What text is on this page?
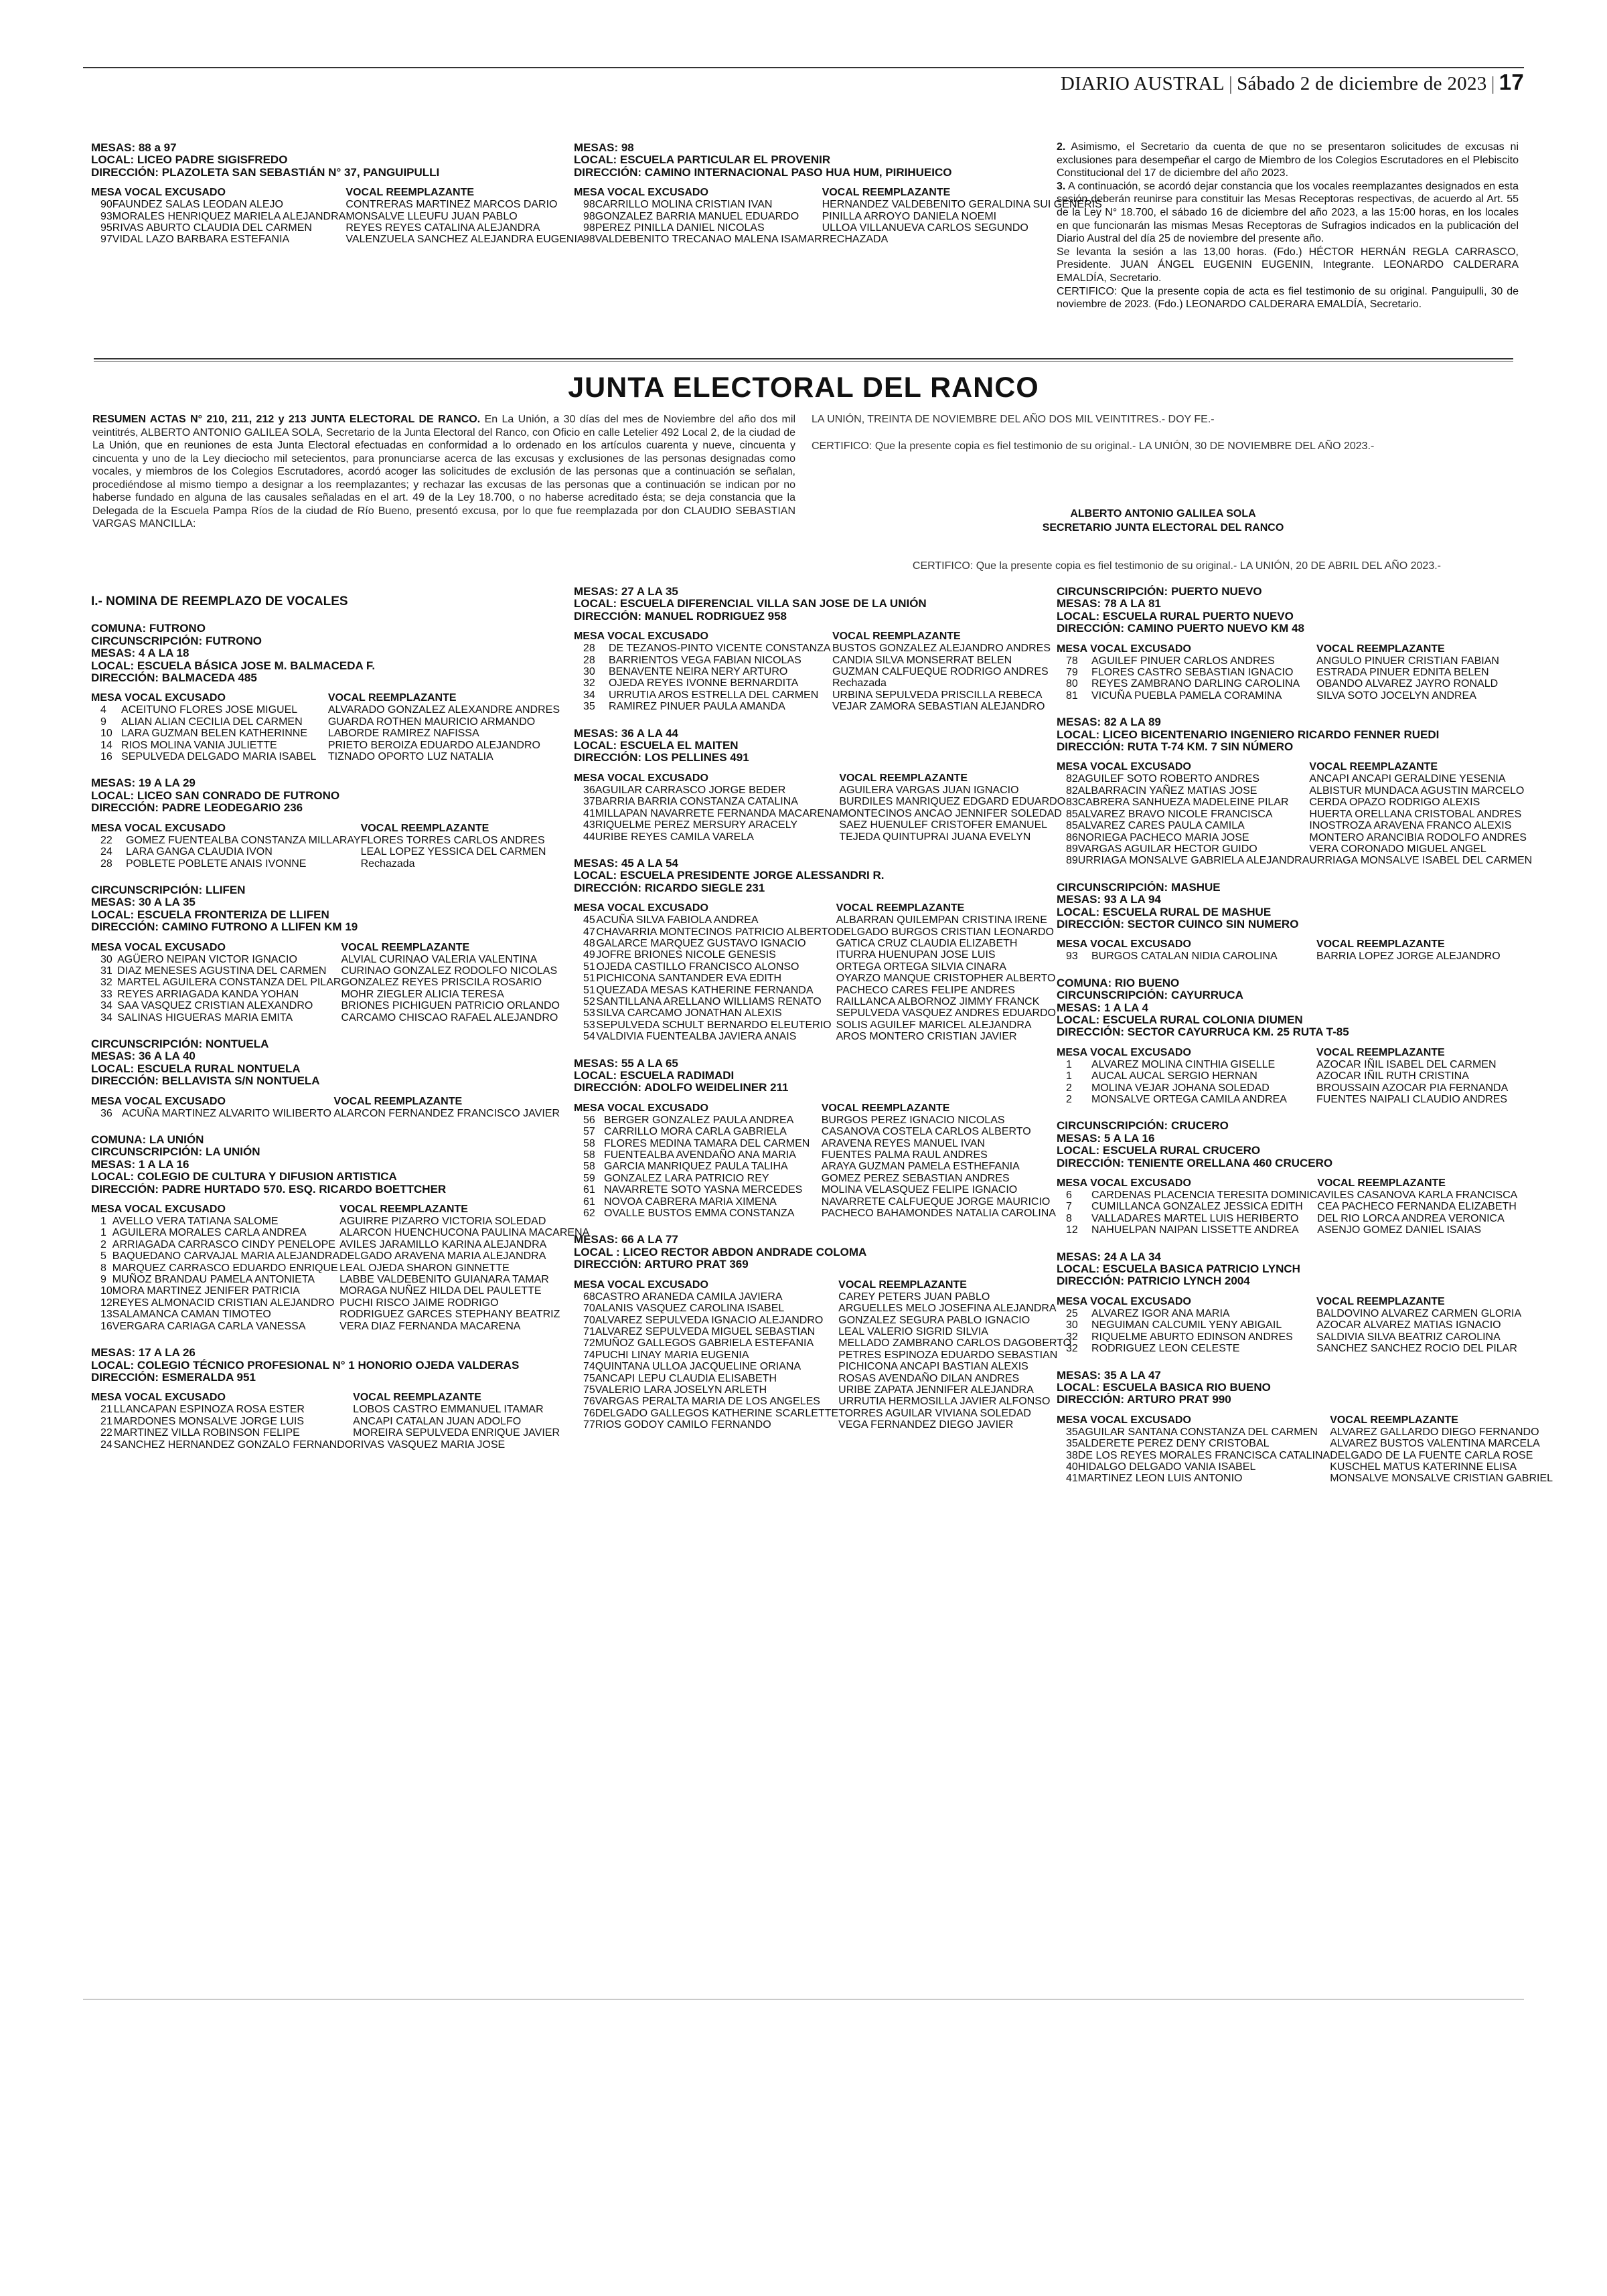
DIARIO AUSTRAL | Sábado 2 de diciembre de 2023 | 17
MESAS: 88 a 97
LOCAL: LICEO PADRE SIGISFREDO
DIRECCIÓN: PLAZOLETA SAN SEBASTIÁN N° 37, PANGUIPULLI
MESA VOCAL EXCUSADO		VOCAL REEMPLAZANTE
90	FAUNDEZ SALAS LEODAN ALEJO	CONTRERAS MARTINEZ MARCOS DARIO
93	MORALES HENRIQUEZ MARIELA ALEJANDRA	MONSALVE LLEUFU JUAN PABLO
95	RIVAS ABURTO CLAUDIA DEL CARMEN	REYES REYES CATALINA ALEJANDRA
97	VIDAL LAZO BARBARA ESTEFANIA	VALENZUELA SANCHEZ ALEJANDRA EUGENIA
MESAS: 98
LOCAL: ESCUELA PARTICULAR EL PROVENIR
DIRECCIÓN: CAMINO INTERNACIONAL PASO HUA HUM, PIRIHUEICO
MESA VOCAL EXCUSADO		VOCAL REEMPLAZANTE
98	CARRILLO MOLINA CRISTIAN IVAN	HERNANDEZ VALDEBENITO GERALDINA SUI GENERIS
98	GONZALEZ BARRIA MANUEL EDUARDO	PINILLA ARROYO DANIELA NOEMI
98	PEREZ PINILLA DANIEL NICOLAS	ULLOA VILLANUEVA CARLOS SEGUNDO
98	VALDEBENITO TRECANAO MALENA ISAMAR	RECHAZADA
2. Asimismo, el Secretario da cuenta de que no se presentaron solicitudes de excusas ni exclusiones para desempeñar el cargo de Miembro de los Colegios Escrutadores en el Plebiscito Constitucional del 17 de diciembre del año 2023.
3. A continuación, se acordó dejar constancia que los vocales reemplazantes designados en esta sesión deberán reunirse para constituir las Mesas Receptoras respectivas, de acuerdo al Art. 55 de la Ley N° 18.700, el sábado 16 de diciembre del año 2023, a las 15:00 horas, en los locales en que funcionarán las mismas Mesas Receptoras de Sufragios indicados en la publicación del Diario Austral del día 25 de noviembre del presente año.
Se levanta la sesión a las 13,00 horas. (Fdo.) HÉCTOR HERNÁN REGLA CARRASCO, Presidente. JUAN ÁNGEL EUGENIN EUGENIN, Integrante. LEONARDO CALDERARA EMALDÍA, Secretario.
CERTIFICO: Que la presente copia de acta es fiel testimonio de su original. Panguipulli, 30 de noviembre de 2023. (Fdo.) LEONARDO CALDERARA EMALDÍA, Secretario.
JUNTA ELECTORAL DEL RANCO
RESUMEN ACTAS N° 210, 211, 212 y 213 JUNTA ELECTORAL DE RANCO. En La Unión, a 30 días del mes de Noviembre del año dos mil veintitrés, ALBERTO ANTONIO GALILEA SOLA, Secretario de la Junta Electoral del Ranco, con Oficio en calle Letelier 492 Local 2, de la ciudad de La Unión, que en reuniones de esta Junta Electoral efectuadas en conformidad a lo ordenado en los artículos cuarenta y nueve, cincuenta y cincuenta y uno de la Ley dieciocho mil setecientos, para pronunciarse acerca de las excusas y exclusiones de las personas designadas como vocales, y miembros de los Colegios Escrutadores, acordó acoger las solicitudes de exclusión de las personas que a continuación se señalan, procediéndose al mismo tiempo a designar a los reemplazantes; y rechazar las excusas de las personas que a continuación se indican por no haberse fundado en alguna de las causales señaladas en el art. 49 de la Ley 18.700, o no haberse acreditado ésta; se deja constancia que la Delegada de la Escuela Pampa Ríos de la ciudad de Río Bueno, presentó excusa, por lo que fue reemplazada por don CLAUDIO SEBASTIAN VARGAS MANCILLA:
LA UNIÓN, TREINTA DE NOVIEMBRE DEL AÑO DOS MIL VEINTITRES.- DOY FE.-
CERTIFICO: Que la presente copia es fiel testimonio de su original.- LA UNIÓN, 30 DE NOVIEMBRE DEL AÑO 2023.-
ALBERTO ANTONIO GALILEA SOLA
SECRETARIO JUNTA ELECTORAL DEL RANCO
CERTIFICO: Que la presente copia es fiel testimonio de su original.- LA UNIÓN, 20 DE ABRIL DEL AÑO 2023.-
I.- NOMINA DE REEMPLAZO DE VOCALES
COMUNA: FUTRONO
CIRCUNSCRIPCIÓN: FUTRONO
MESAS: 4 A LA 18
LOCAL: ESCUELA BÁSICA JOSE M. BALMACEDA F.
DIRECCIÓN: BALMACEDA 485
MESA VOCAL EXCUSADO		VOCAL REEMPLAZANTE
4	ACEITUNO FLORES JOSE MIGUEL	ALVARADO GONZALEZ ALEXANDRE ANDRES
9	ALIAN ALIAN CECILIA DEL CARMEN	GUARDA ROTHEN MAURICIO ARMANDO
10	LARA GUZMAN BELEN KATHERINNE	LABORDE RAMIREZ NAFISSA
14	RIOS MOLINA VANIA JULIETTE	PRIETO BEROIZA EDUARDO ALEJANDRO
16	SEPULVEDA DELGADO MARIA ISABEL	TIZNADO OPORTO LUZ NATALIA
MESAS: 19 A LA 29
LOCAL: LICEO SAN CONRADO DE FUTRONO
DIRECCIÓN: PADRE LEODEGARIO 236
MESA VOCAL EXCUSADO		VOCAL REEMPLAZANTE
22	GOMEZ FUENTEALBA CONSTANZA MILLARAY	FLORES TORRES CARLOS ANDRES
24	LARA GANGA CLAUDIA IVON	LEAL LOPEZ YESSICA DEL CARMEN
28	POBLETE POBLETE ANAIS IVONNE	Rechazada
CIRCUNSCRIPCIÓN: LLIFEN
MESAS: 30 A LA 35
LOCAL: ESCUELA FRONTERIZA DE LLIFEN
DIRECCIÓN: CAMINO FUTRONO A LLIFEN KM 19
MESA VOCAL EXCUSADO		VOCAL REEMPLAZANTE
30	AGÜERO NEIPAN VICTOR IGNACIO	ALVIAL CURINAO VALERIA VALENTINA
31	DIAZ MENESES AGUSTINA DEL CARMEN	CURINAO GONZALEZ RODOLFO NICOLAS
32	MARTEL AGUILERA CONSTANZA DEL PILAR	GONZALEZ REYES PRISCILA ROSARIO
33	REYES ARRIAGADA KANDA YOHAN	MOHR ZIEGLER ALICIA TERESA
34	SAA VASQUEZ CRISTIAN ALEXANDRO	BRIONES PICHIGUEN PATRICIO ORLANDO
34	SALINAS HIGUERAS MARIA EMITA	CARCAMO CHISCAO RAFAEL ALEJANDRO
CIRCUNSCRIPCIÓN: NONTUELA
MESAS: 36 A LA 40
LOCAL: ESCUELA RURAL NONTUELA
DIRECCIÓN: BELLAVISTA S/N NONTUELA
MESA VOCAL EXCUSADO		VOCAL REEMPLAZANTE
36	ACUÑA MARTINEZ ALVARITO WILIBERTO	ALARCON FERNANDEZ FRANCISCO JAVIER
COMUNA: LA UNIÓN
CIRCUNSCRIPCIÓN: LA UNIÓN
MESAS: 1 A LA 16
LOCAL: COLEGIO DE CULTURA Y DIFUSION ARTISTICA
DIRECCIÓN: PADRE HURTADO 570. ESQ. RICARDO BOETTCHER
MESA VOCAL EXCUSADO		VOCAL REEMPLAZANTE
1	AVELLO VERA TATIANA SALOME	AGUIRRE PIZARRO VICTORIA SOLEDAD
1	AGUILERA MORALES CARLA ANDREA	ALARCON HUENCHUCONA PAULINA MACARENA
2	ARRIAGADA CARRASCO CINDY PENELOPE	AVILES JARAMILLO KARINA ALEJANDRA
5	BAQUEDANO CARVAJAL MARIA ALEJANDRA	DELGADO ARAVENA MARIA ALEJANDRA
8	MARQUEZ CARRASCO EDUARDO ENRIQUE	LEAL OJEDA SHARON GINNETTE
9	MUÑOZ BRANDAU PAMELA ANTONIETA	LABBE VALDEBENITO GUIANARA TAMAR
10	MORA MARTINEZ JENIFER PATRICIA	MORAGA NUÑEZ HILDA DEL PAULETTE
12	REYES ALMONACID CRISTIAN ALEJANDRO	PUCHI RISCO JAIME RODRIGO
13	SALAMANCA CAMAN TIMOTEO	RODRIGUEZ GARCES STEPHANY BEATRIZ
16	VERGARA CARIAGA CARLA VANESSA	VERA DIAZ FERNANDA MACARENA
MESAS: 17 A LA 26
LOCAL: COLEGIO TÉCNICO PROFESIONAL N° 1 HONORIO OJEDA VALDERAS
DIRECCIÓN: ESMERALDA 951
MESA VOCAL EXCUSADO		VOCAL REEMPLAZANTE
21	LLANCAPAN ESPINOZA ROSA ESTER	LOBOS CASTRO EMMANUEL ITAMAR
21	MARDONES MONSALVE JORGE LUIS	ANCAPI CATALAN JUAN ADOLFO
22	MARTINEZ VILLA ROBINSON FELIPE	MOREIRA SEPULVEDA ENRIQUE JAVIER
24	SANCHEZ HERNANDEZ GONZALO FERNANDO	RIVAS VASQUEZ MARIA JOSE
MESAS: 27 A LA 35
LOCAL: ESCUELA DIFERENCIAL VILLA SAN JOSE DE LA UNIÓN
DIRECCIÓN: MANUEL RODRIGUEZ 958
MESA VOCAL EXCUSADO		VOCAL REEMPLAZANTE
28	DE TEZANOS-PINTO VICENTE CONSTANZA	BUSTOS GONZALEZ ALEJANDRO ANDRES
28	BARRIENTOS VEGA FABIAN NICOLAS	CANDIA SILVA MONSERRAT BELEN
30	BENAVENTE NEIRA NERY ARTURO	GUZMAN CALFUEQUE RODRIGO ANDRES
32	OJEDA REYES IVONNE BERNARDITA	Rechazada
34	URRUTIA AROS ESTRELLA DEL CARMEN	URBINA SEPULVEDA PRISCILLA REBECA
35	RAMIREZ PINUER PAULA AMANDA	VEJAR ZAMORA SEBASTIAN ALEJANDRO
MESAS: 36 A LA 44
LOCAL: ESCUELA EL MAITEN
DIRECCIÓN: LOS PELLINES 491
MESA VOCAL EXCUSADO		VOCAL REEMPLAZANTE
36	AGUILAR CARRASCO JORGE BEDER	AGUILERA VARGAS JUAN IGNACIO
37	BARRIA BARRIA CONSTANZA CATALINA	BURDILES MANRIQUEZ EDGARD EDUARDO
41	MILLAPAN NAVARRETE FERNANDA MACARENA	MONTECINOS ANCAO JENNIFER SOLEDAD
43	RIQUELME PEREZ MERSURY ARACELY	SAEZ HUENULEF CRISTOFER EMANUEL
44	URIBE REYES CAMILA VARELA	TEJEDA QUINTUPRAI JUANA EVELYN
MESAS: 45 A LA 54
LOCAL: ESCUELA PRESIDENTE JORGE ALESSANDRI R.
DIRECCIÓN: RICARDO SIEGLE 231
MESA VOCAL EXCUSADO		VOCAL REEMPLAZANTE
45	ACUÑA SILVA FABIOLA ANDREA	ALBARRAN QUILEMPAN CRISTINA IRENE
47	CHAVARRIA MONTECINOS PATRICIO ALBERTO	DELGADO BURGOS CRISTIAN LEONARDO
48	GALARCE MARQUEZ GUSTAVO IGNACIO	GATICA CRUZ CLAUDIA ELIZABETH
49	JOFRE BRIONES NICOLE GENESIS	ITURRA HUENUPAN JOSE LUIS
51	OJEDA CASTILLO FRANCISCO ALONSO	ORTEGA ORTEGA SILVIA CINARA
51	PICHICONA SANTANDER EVA EDITH	OYARZO MANQUE CRISTOPHER ALBERTO
51	QUEZADA MESAS KATHERINE FERNANDA	PACHECO CARES FELIPE ANDRES
52	SANTILLANA ARELLANO WILLIAMS RENATO	RAILLANCA ALBORNOZ JIMMY FRANCK
53	SILVA CARCAMO JONATHAN ALEXIS	SEPULVEDA VASQUEZ ANDRES EDUARDO
53	SEPULVEDA SCHULT BERNARDO ELEUTERIO	SOLIS AGUILEF MARICEL ALEJANDRA
54	VALDIVIA FUENTEALBA JAVIERA ANAIS	AROS MONTERO CRISTIAN JAVIER
MESAS: 55 A LA 65
LOCAL: ESCUELA RADIMADI
DIRECCIÓN: ADOLFO WEIDELINER 211
MESA VOCAL EXCUSADO		VOCAL REEMPLAZANTE
56	BERGER GONZALEZ PAULA ANDREA	BURGOS PEREZ IGNACIO NICOLAS
57	CARRILLO MORA CARLA GABRIELA	CASANOVA COSTELA CARLOS ALBERTO
58	FLORES MEDINA TAMARA DEL CARMEN	ARAVENA REYES MANUEL IVAN
58	FUENTEALBA AVENDAÑO ANA MARIA	FUENTES PALMA RAUL ANDRES
58	GARCIA MANRIQUEZ PAULA TALIHA	ARAYA GUZMAN PAMELA ESTHEFANIA
59	GONZALEZ LARA PATRICIO REY	GOMEZ PEREZ SEBASTIAN ANDRES
61	NAVARRETE SOTO YASNA MERCEDES	MOLINA VELASQUEZ FELIPE IGNACIO
61	NOVOA CABRERA MARIA XIMENA	NAVARRETE CALFUEQUE JORGE MAURICIO
62	OVALLE BUSTOS EMMA CONSTANZA	PACHECO BAHAMONDES NATALIA CAROLINA
MESAS: 66 A LA 77
LOCAL : LICEO RECTOR ABDON ANDRADE COLOMA
DIRECCIÓN: ARTURO PRAT 369
MESA VOCAL EXCUSADO		VOCAL REEMPLAZANTE
68	CASTRO ARANEDA CAMILA JAVIERA	CAREY PETERS JUAN PABLO
70	ALANIS VASQUEZ CAROLINA ISABEL	ARGUELLES MELO JOSEFINA ALEJANDRA
70	ALVAREZ SEPULVEDA IGNACIO ALEJANDRO	GONZALEZ SEGURA PABLO IGNACIO
71	ALVAREZ SEPULVEDA MIGUEL SEBASTIAN	LEAL VALERIO SIGRID SILVIA
72	MUÑOZ GALLEGOS GABRIELA ESTEFANIA	MELLADO ZAMBRANO CARLOS DAGOBERTO
74	PUCHI LINAY MARIA EUGENIA	PETRES ESPINOZA EDUARDO SEBASTIAN
74	QUINTANA ULLOA JACQUELINE ORIANA	PICHICONA ANCAPI BASTIAN ALEXIS
75	ANCAPI LEPU CLAUDIA ELISABETH	ROSAS AVENDAÑO DILAN ANDRES
75	VALERIO LARA JOSELYN ARLETH	URIBE ZAPATA JENNIFER ALEJANDRA
76	VARGAS PERALTA MARIA DE LOS ANGELES	URRUTIA HERMOSILLA JAVIER ALFONSO
76	DELGADO GALLEGOS KATHERINE SCARLETTE	TORRES AGUILAR VIVIANA SOLEDAD
77	RIOS GODOY CAMILO FERNANDO	VEGA FERNANDEZ DIEGO JAVIER
CIRCUNSCRIPCIÓN: PUERTO NUEVO
MESAS: 78 A LA 81
LOCAL: ESCUELA RURAL PUERTO NUEVO
DIRECCIÓN: CAMINO PUERTO NUEVO KM 48
MESA VOCAL EXCUSADO		VOCAL REEMPLAZANTE
78	AGUILEF PINUER CARLOS ANDRES	ANGULO PINUER CRISTIAN FABIAN
79	FLORES CASTRO SEBASTIAN IGNACIO	ESTRADA PINUER EDNITA BELEN
80	REYES ZAMBRANO DARLING CAROLINA	OBANDO ALVAREZ JAYRO RONALD
81	VICUÑA PUEBLA PAMELA CORAMINA	SILVA SOTO JOCELYN ANDREA
MESAS: 82 A LA 89
LOCAL: LICEO BICENTENARIO INGENIERO RICARDO FENNER RUEDI
DIRECCIÓN: RUTA T-74 KM. 7 SIN NÚMERO
MESA VOCAL EXCUSADO		VOCAL REEMPLAZANTE
82	AGUILEF SOTO ROBERTO ANDRES	ANCAPI ANCAPI GERALDINE YESENIA
82	ALBARRACIN YAÑEZ MATIAS JOSE	ALBISTUR MUNDACA AGUSTIN MARCELO
83	CABRERA SANHUEZA MADELEINE PILAR	CERDA OPAZO RODRIGO ALEXIS
85	ALVAREZ BRAVO NICOLE FRANCISCA	HUERTA ORELLANA CRISTOBAL ANDRES
85	ALVAREZ CARES PAULA CAMILA	INOSTROZA ARAVENA FRANCO ALEXIS
86	NORIEGA PACHECO MARIA JOSE	MONTERO ARANCIBIA RODOLFO ANDRES
89	VARGAS AGUILAR HECTOR GUIDO	VERA CORONADO MIGUEL ANGEL
89	URRIAGA MONSALVE GABRIELA ALEJANDRA	URRIAGA MONSALVE ISABEL DEL CARMEN
CIRCUNSCRIPCIÓN: MASHUE
MESAS: 93 A LA 94
LOCAL: ESCUELA RURAL DE MASHUE
DIRECCIÓN: SECTOR CUINCO SIN NUMERO
MESA VOCAL EXCUSADO		VOCAL REEMPLAZANTE
93	BURGOS CATALAN NIDIA CAROLINA	BARRIA LOPEZ JORGE ALEJANDRO
COMUNA: RIO BUENO
CIRCUNSCRIPCIÓN: CAYURRUCA
MESAS: 1 A LA 4
LOCAL: ESCUELA RURAL COLONIA DIUMEN
DIRECCIÓN: SECTOR CAYURRUCA KM. 25 RUTA T-85
MESA VOCAL EXCUSADO		VOCAL REEMPLAZANTE
1	ALVAREZ MOLINA CINTHIA GISELLE	AZOCAR IÑIL ISABEL DEL CARMEN
1	AUCAL AUCAL SERGIO HERNAN	AZOCAR IÑIL RUTH CRISTINA
2	MOLINA VEJAR JOHANA SOLEDAD	BROUSSAIN AZOCAR PIA FERNANDA
2	MONSALVE ORTEGA CAMILA ANDREA	FUENTES NAIPALI CLAUDIO ANDRES
CIRCUNSCRIPCIÓN: CRUCERO
MESAS: 5 A LA 16
LOCAL: ESCUELA RURAL CRUCERO
DIRECCIÓN: TENIENTE ORELLANA 460 CRUCERO
MESA VOCAL EXCUSADO		VOCAL REEMPLAZANTE
6	CARDENAS PLACENCIA TERESITA DOMINIC	AVILES CASANOVA KARLA FRANCISCA
7	CUMILLANCA GONZALEZ JESSICA EDITH	CEA PACHECO FERNANDA ELIZABETH
8	VALLADARES MARTEL LUIS HERIBERTO	DEL RIO LORCA ANDREA VERONICA
12	NAHUELPAN NAIPAN LISSETTE ANDREA	ASENJO GOMEZ DANIEL ISAIAS
MESAS: 24 A LA 34
LOCAL: ESCUELA BASICA PATRICIO LYNCH
DIRECCIÓN: PATRICIO LYNCH 2004
MESA VOCAL EXCUSADO		VOCAL REEMPLAZANTE
25	ALVAREZ IGOR ANA MARIA	BALDOVINO ALVAREZ CARMEN GLORIA
30	NEGUIMAN CALCUMIL YENY ABIGAIL	AZOCAR ALVAREZ MATIAS IGNACIO
32	RIQUELME ABURTO EDINSON ANDRES	SALDIVIA SILVA BEATRIZ CAROLINA
32	RODRIGUEZ LEON CELESTE	SANCHEZ SANCHEZ ROCIO DEL PILAR
MESAS: 35 A LA 47
LOCAL: ESCUELA BASICA RIO BUENO
DIRECCIÓN: ARTURO PRAT 990
MESA VOCAL EXCUSADO		VOCAL REEMPLAZANTE
35	AGUILAR SANTANA CONSTANZA DEL CARMEN	ALVAREZ GALLARDO DIEGO FERNANDO
35	ALDERETE PEREZ DENY CRISTOBAL	ALVAREZ BUSTOS VALENTINA MARCELA
38	DE LOS REYES MORALES FRANCISCA CATALINA	DELGADO DE LA FUENTE CARLA ROSE
40	HIDALGO DELGADO VANIA ISABEL	KUSCHEL MATUS KATERINNE ELISA
41	MARTINEZ LEON LUIS ANTONIO	MONSALVE MONSALVE CRISTIAN GABRIEL
